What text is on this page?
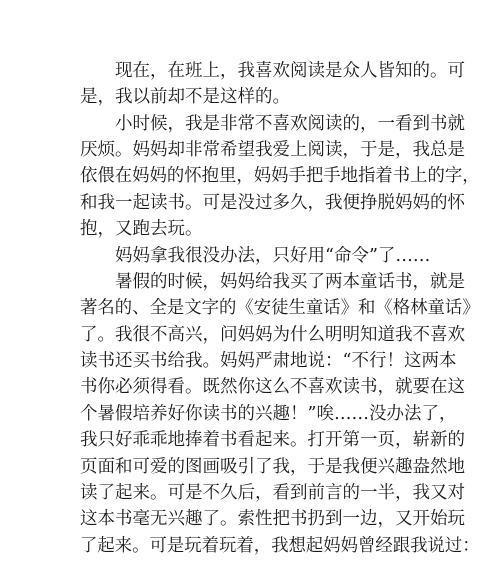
现在，在班上，我喜欢阅读是众人皆知的。可
是，我以前却不是这样的。
小时候，我是非常不喜欢阅读的，一看到书就
厌烦。妈妈却非常希望我爱上阅读，于是，我总是
依偎在妈妈的怀抱里，妈妈手把手地指着书上的字，
和我一起读书。可是没过多久，我便挣脱妈妈的怀
抱，又跑去玩。
妈妈拿我很没办法，只好用“命令”了……
暑假的时候，妈妈给我买了两本童话书，就是
著名的、全是文字的《安徒生童话》和《格林童话》
了。我很不高兴，问妈妈为什么明明知道我不喜欢
读书还买书给我。妈妈严肃地说：“不行！这两本
书你必须得看。既然你这么不喜欢读书，就要在这
个暑假培养好你读书的兴趣！”唉……没办法了，
我只好乖乖地捧着书看起来。打开第一页，崭新的
页面和可爱的图画吸引了我，于是我便兴趣盎然地
读了起来。可是不久后，看到前言的一半，我又对
这本书毫无兴趣了。索性把书扔到一边，又开始玩
了起来。可是玩着玩着，我想起妈妈曾经跟我说过：
